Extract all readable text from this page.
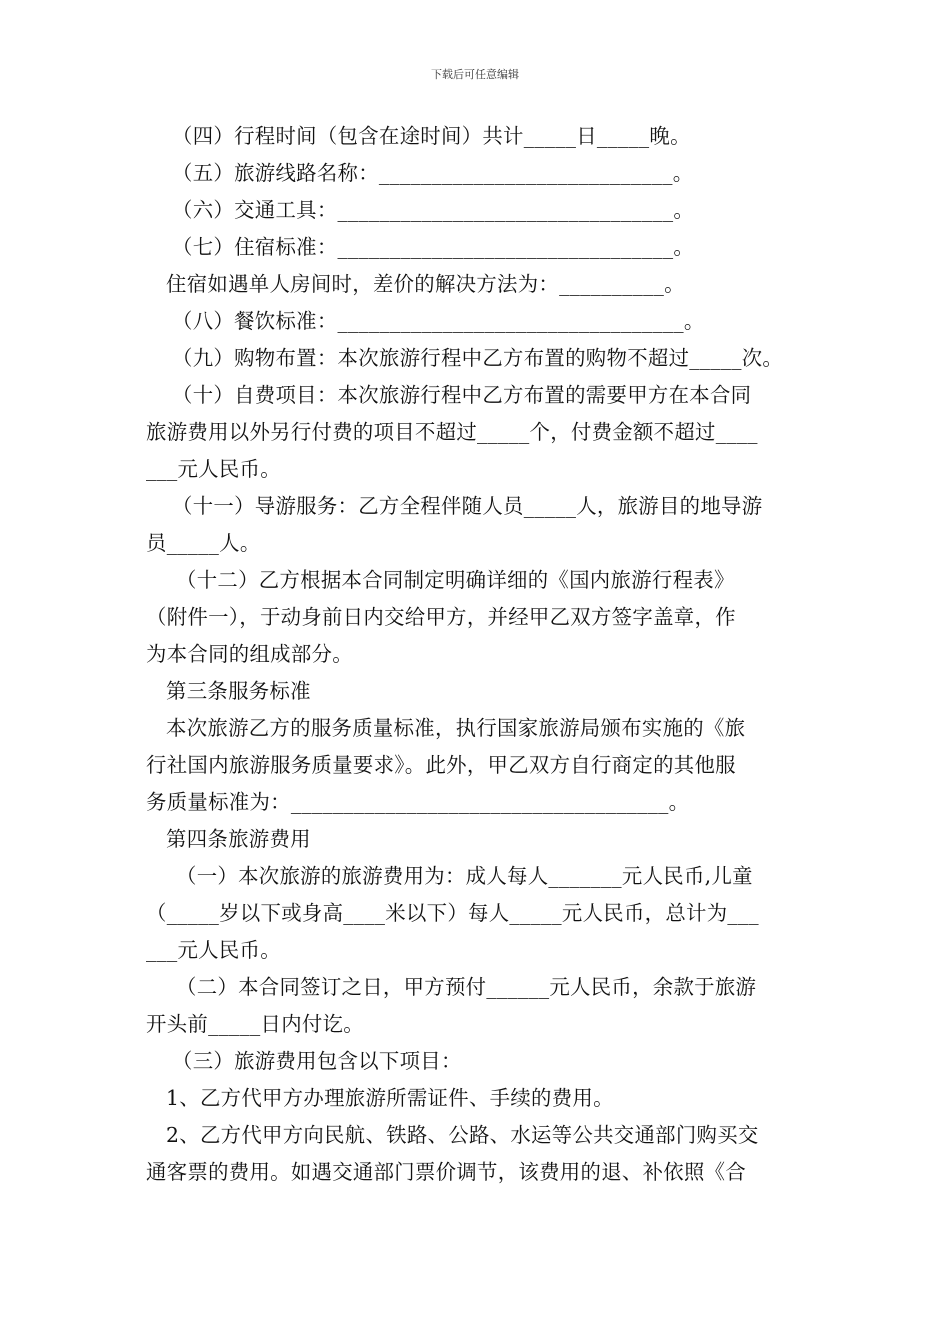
下载后可任意编辑
（四）行程时间（包含在途时间）共计_____日_____晚。
（五）旅游线路名称：____________________________。
（六）交通工具：________________________________。
（七）住宿标准：________________________________。
住宿如遇单人房间时，差价的解决方法为：__________。
（八）餐饮标准：_________________________________。
（九）购物布置：本次旅游行程中乙方布置的购物不超过_____次。
（十）自费项目：本次旅游行程中乙方布置的需要甲方在本合同
旅游费用以外另行付费的项目不超过_____个，付费金额不超过____
___元人民币。
（十一）导游服务：乙方全程伴随人员_____人，旅游目的地导游
员_____人。
（十二）乙方根据本合同制定明确详细的《国内旅游行程表》
（附件一），于动身前日内交给甲方，并经甲乙双方签字盖章，作
为本合同的组成部分。
第三条服务标准
本次旅游乙方的服务质量标准，执行国家旅游局颁布实施的《旅
行社国内旅游服务质量要求》。此外，甲乙双方自行商定的其他服
务质量标准为：____________________________________。
第四条旅游费用
（一）本次旅游的旅游费用为：成人每人_______元人民币,儿童
（_____岁以下或身高____米以下）每人_____元人民币，总计为___
___元人民币。
（二）本合同签订之日，甲方预付______元人民币，余款于旅游
开头前_____日内付讫。
（三）旅游费用包含以下项目：
1、乙方代甲方办理旅游所需证件、手续的费用。
2、乙方代甲方向民航、铁路、公路、水运等公共交通部门购买交
通客票的费用。如遇交通部门票价调节，该费用的退、补依照《合
